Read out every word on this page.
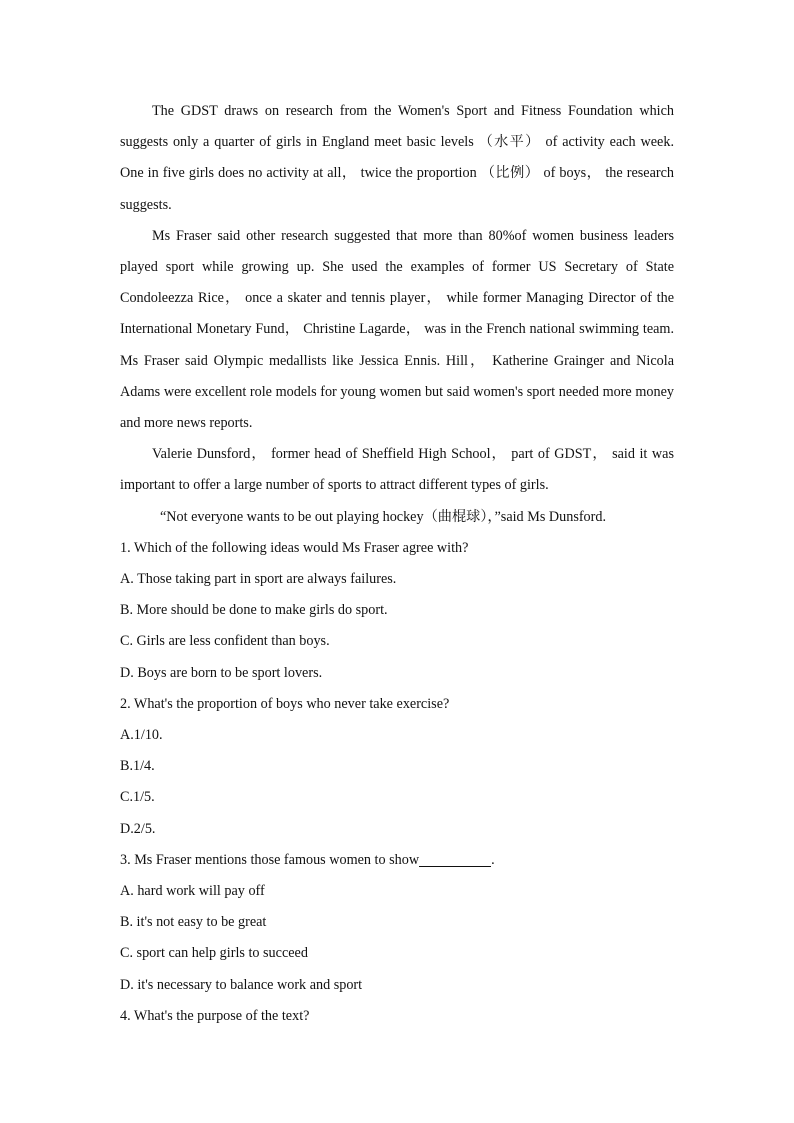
The GDST draws on research from the Women's Sport and Fitness Foundation which suggests only a quarter of girls in England meet basic levels （水平） of activity each week. One in five girls does no activity at all， twice the proportion （比例） of boys， the research suggests.

Ms Fraser said other research suggested that more than 80%of women business leaders played sport while growing up. She used the examples of former US Secretary of State Condoleezza Rice， once a skater and tennis player， while former Managing Director of the International Monetary Fund， Christine Lagarde， was in the French national swimming team. Ms Fraser said Olympic medallists like Jessica Ennis. Hill， Katherine Grainger and Nicola Adams were excellent role models for young women but said women's sport needed more money and more news reports.

Valerie Dunsford， former head of Sheffield High School， part of GDST， said it was important to offer a large number of sports to attract different types of girls.

“Not everyone wants to be out playing hockey（曲棍球），”said Ms Dunsford.

1. Which of the following ideas would Ms Fraser agree with?

A. Those taking part in sport are always failures.

B. More should be done to make girls do sport.

C. Girls are less confident than boys.

D. Boys are born to be sport lovers.

2. What's the proportion of boys who never take exercise?

A.1/10.

B.1/4.

C.1/5.

D.2/5.

3. Ms Fraser mentions those famous women to show	.

A. hard work will pay off

B. it's not easy to be great

C. sport can help girls to succeed

D. it's necessary to balance work and sport

4. What's the purpose of the text?
